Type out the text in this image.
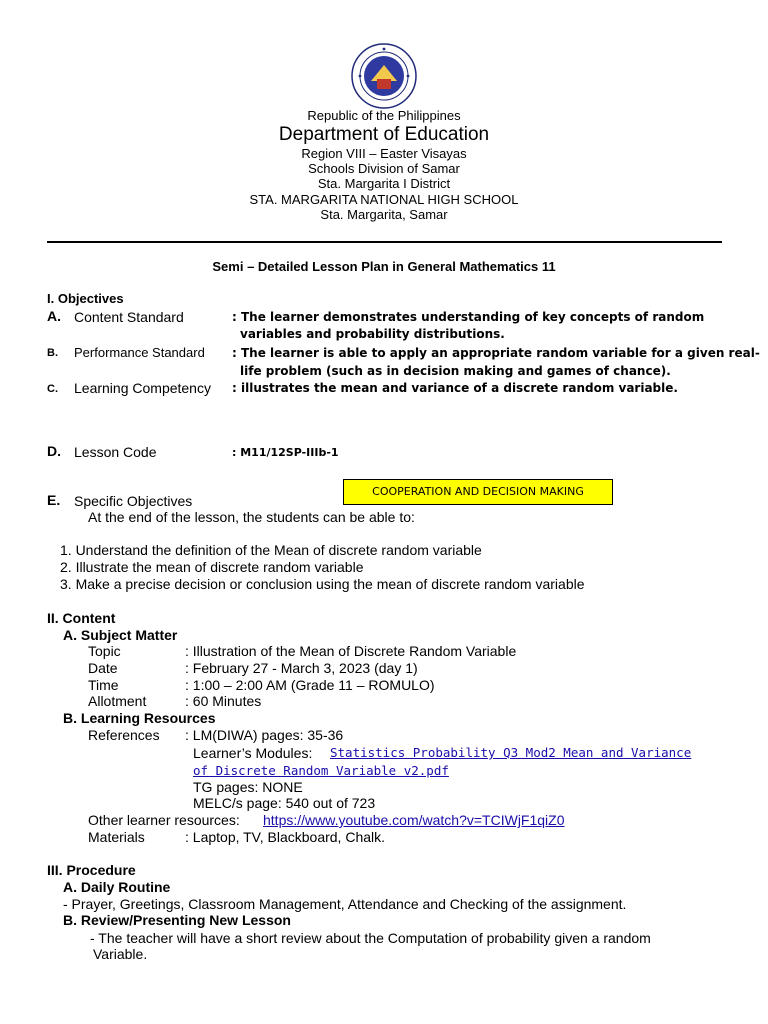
Republic of the Philippines
Department of Education
Region VIII – Easter Visayas
Schools Division of Samar
Sta. Margarita I District
STA. MARGARITA NATIONAL HIGH SCHOOL
Sta. Margarita, Samar
Semi – Detailed Lesson Plan in General Mathematics 11
I. Objectives
A. Content Standard	: The learner demonstrates understanding of key concepts of random
variables and probability distributions.
B. Performance Standard : The learner is able to apply an appropriate random variable for a given real-
life problem (such as in decision making and games of chance).
C. Learning Competency : illustrates the mean and variance of a discrete random variable.
D. Lesson Code	: M11/12SP-IIIb-1
COOPERATION AND DECISION MAKING
E. Specific Objectives
At the end of the lesson, the students can be able to:
1. Understand the definition of the Mean of discrete random variable
2. Illustrate the mean of discrete random variable
3. Make a precise decision or conclusion using the mean of discrete random variable
II. Content
A. Subject Matter
Topic	: Illustration of the Mean of Discrete Random Variable
Date	: February 27 - March 3, 2023 (day 1)
Time	: 1:00 – 2:00 AM (Grade 11 – ROMULO)
Allotment	: 60 Minutes
B. Learning Resources
References : LM(DIWA) pages: 35-36
Learner’s Modules: Statistics Probability Q3 Mod2 Mean and Variance
of Discrete Random Variable v2.pdf
TG pages: NONE
MELC/s page: 540 out of 723
Other learner resources: https://www.youtube.com/watch?v=TCIWjF1qiZ0
Materials	: Laptop, TV, Blackboard, Chalk.
III. Procedure
A. Daily Routine
- Prayer, Greetings, Classroom Management, Attendance and Checking of the assignment.
B. Review/Presenting New Lesson
- The teacher will have a short review about the Computation of probability given a random
Variable.
